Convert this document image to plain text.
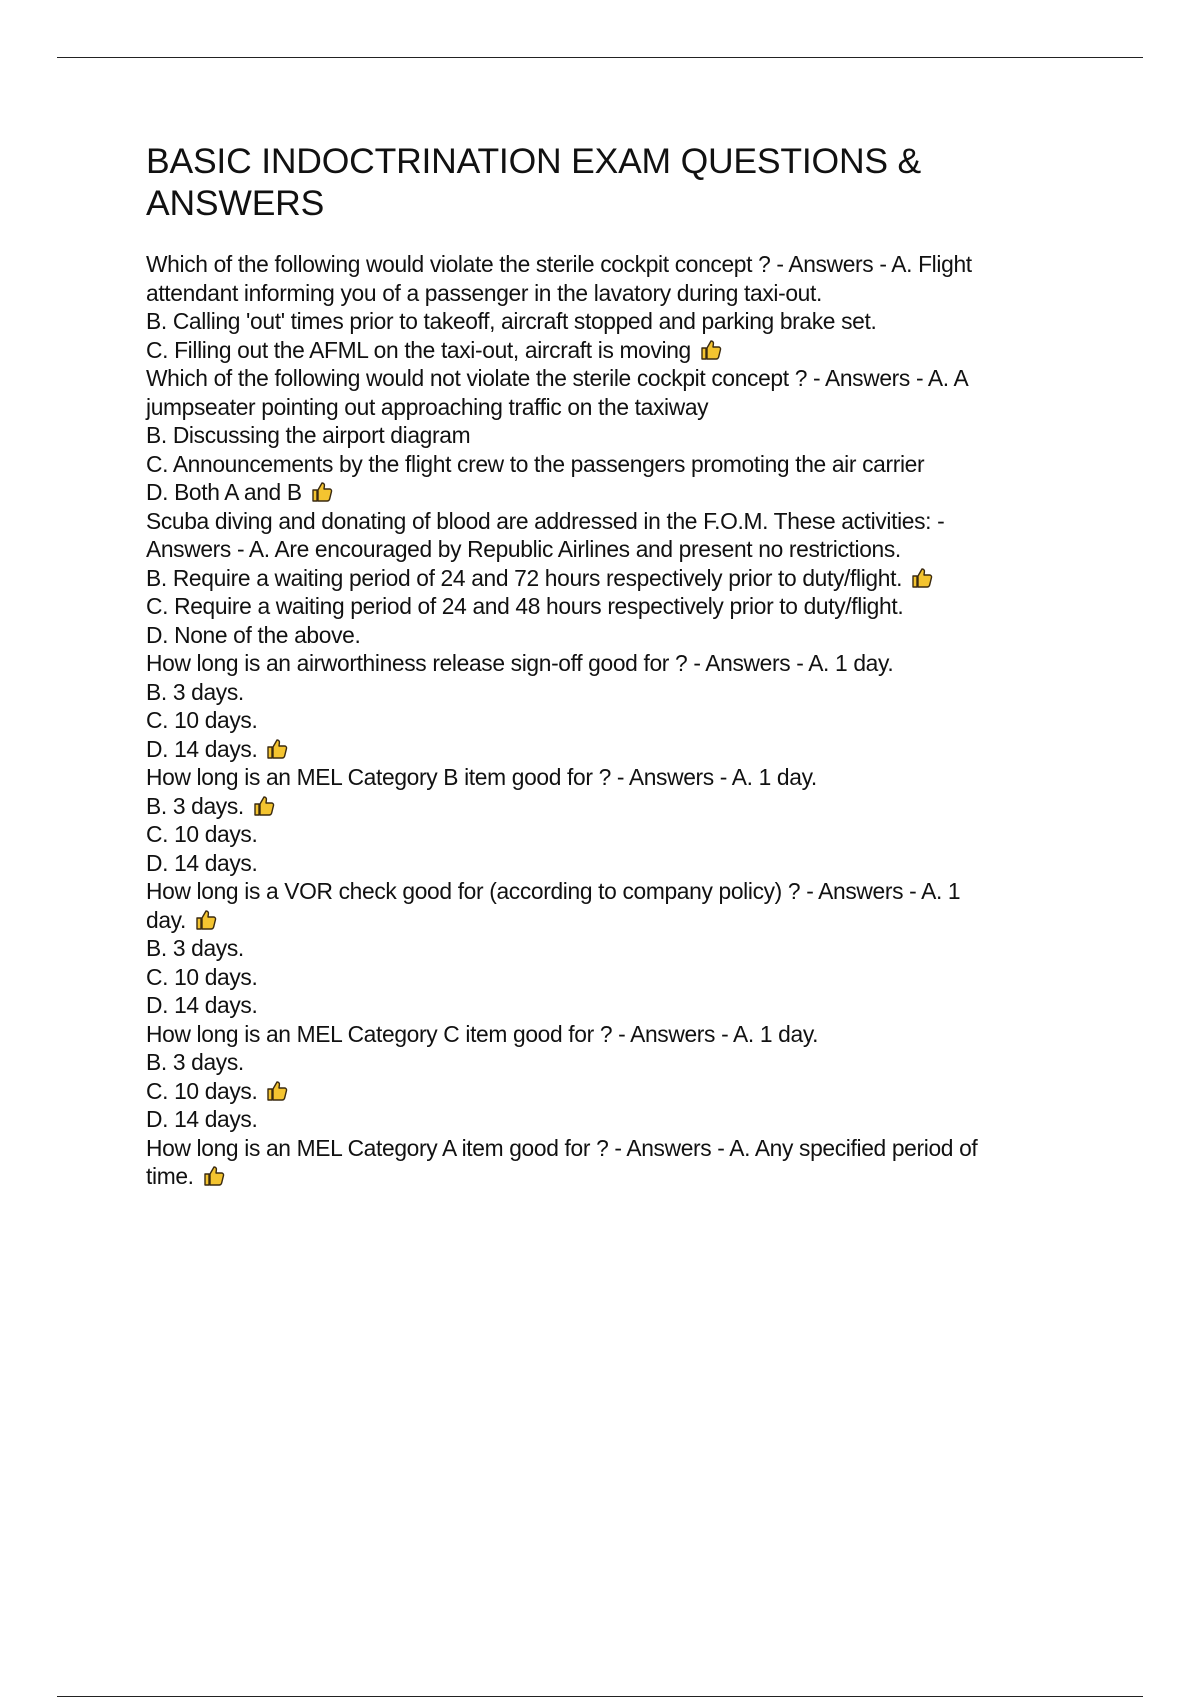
BASIC INDOCTRINATION EXAM QUESTIONS &
ANSWERS
Which of the following would violate the sterile cockpit concept ? - Answers - A. Flight
attendant informing you of a passenger in the lavatory during taxi-out.
B. Calling 'out' times prior to takeoff, aircraft stopped and parking brake set.
C. Filling out the AFML on the taxi-out, aircraft is moving
Which of the following would not violate the sterile cockpit concept ? - Answers - A. A
jumpseater pointing out approaching traffic on the taxiway
B. Discussing the airport diagram
C. Announcements by the flight crew to the passengers promoting the air carrier
D. Both A and B
Scuba diving and donating of blood are addressed in the F.O.M. These activities: -
Answers - A. Are encouraged by Republic Airlines and present no restrictions.
B. Require a waiting period of 24 and 72 hours respectively prior to duty/flight.
C. Require a waiting period of 24 and 48 hours respectively prior to duty/flight.
D. None of the above.
How long is an airworthiness release sign-off good for ? - Answers - A. 1 day.
B. 3 days.
C. 10 days.
D. 14 days.
How long is an MEL Category B item good for ? - Answers - A. 1 day.
B. 3 days.
C. 10 days.
D. 14 days.
How long is a VOR check good for (according to company policy) ? - Answers - A. 1
day.
B. 3 days.
C. 10 days.
D. 14 days.
How long is an MEL Category C item good for ? - Answers - A. 1 day.
B. 3 days.
C. 10 days.
D. 14 days.
How long is an MEL Category A item good for ? - Answers - A. Any specified period of
time.
